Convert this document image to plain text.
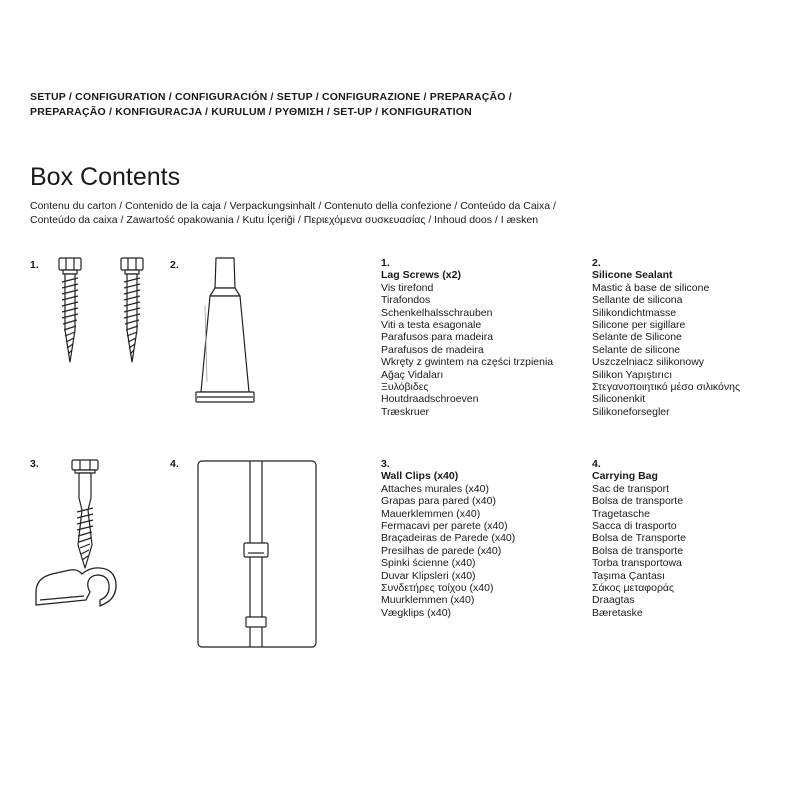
SETUP / CONFIGURATION / CONFIGURACIÓN / SETUP / CONFIGURAZIONE / PREPARAÇÃO /
PREPARAÇÃO / KONFIGURACJA / KURULUM / ΡΥΘΜΙΣΗ / SET-UP / KONFIGURATION
Box Contents
Contenu du carton / Contenido de la caja / Verpackungsinhalt / Contenuto della confezione / Conteúdo da Caixa /
Conteúdo da caixa / Zawartość opakowania / Kutu İçeriği / Περιεχόμενα συσκευασίας / Inhoud doos / I æsken
1.	2.
3.	4.
1.
Lag Screws (x2)
Vis tirefond
Tirafondos
Schenkelhalsschrauben
Viti a testa esagonale
Parafusos para madeira
Parafusos de madeira
Wkręty z gwintem na części trzpienia
Ağaç Vidaları
Ξυλόβιδες
Houtdraadschroeven
Træskruer
2.
Silicone Sealant
Mastic à base de silicone
Sellante de silicona
Silikondichtmasse
Silicone per sigillare
Selante de Silicone
Selante de silicone
Uszczelniacz silikonowy
Silikon Yapıştırıcı
Στεγανοποιητικό μέσο σιλικόνης
Siliconenkit
Silikoneforsegler
3.
Wall Clips (x40)
Attaches murales (x40)
Grapas para pared (x40)
Mauerklemmen (x40)
Fermacavi per parete (x40)
Braçadeiras de Parede (x40)
Presilhas de parede (x40)
Spinki ścienne (x40)
Duvar Klipsleri (x40)
Συνδετήρες τοίχου (x40)
Muurklemmen (x40)
Vægklips (x40)
4.
Carrying Bag
Sac de transport
Bolsa de transporte
Tragetasche
Sacca di trasporto
Bolsa de Transporte
Bolsa de transporte
Torba transportowa
Taşıma Çantası
Σάκος μεταφοράς
Draagtas
Bæretaske
